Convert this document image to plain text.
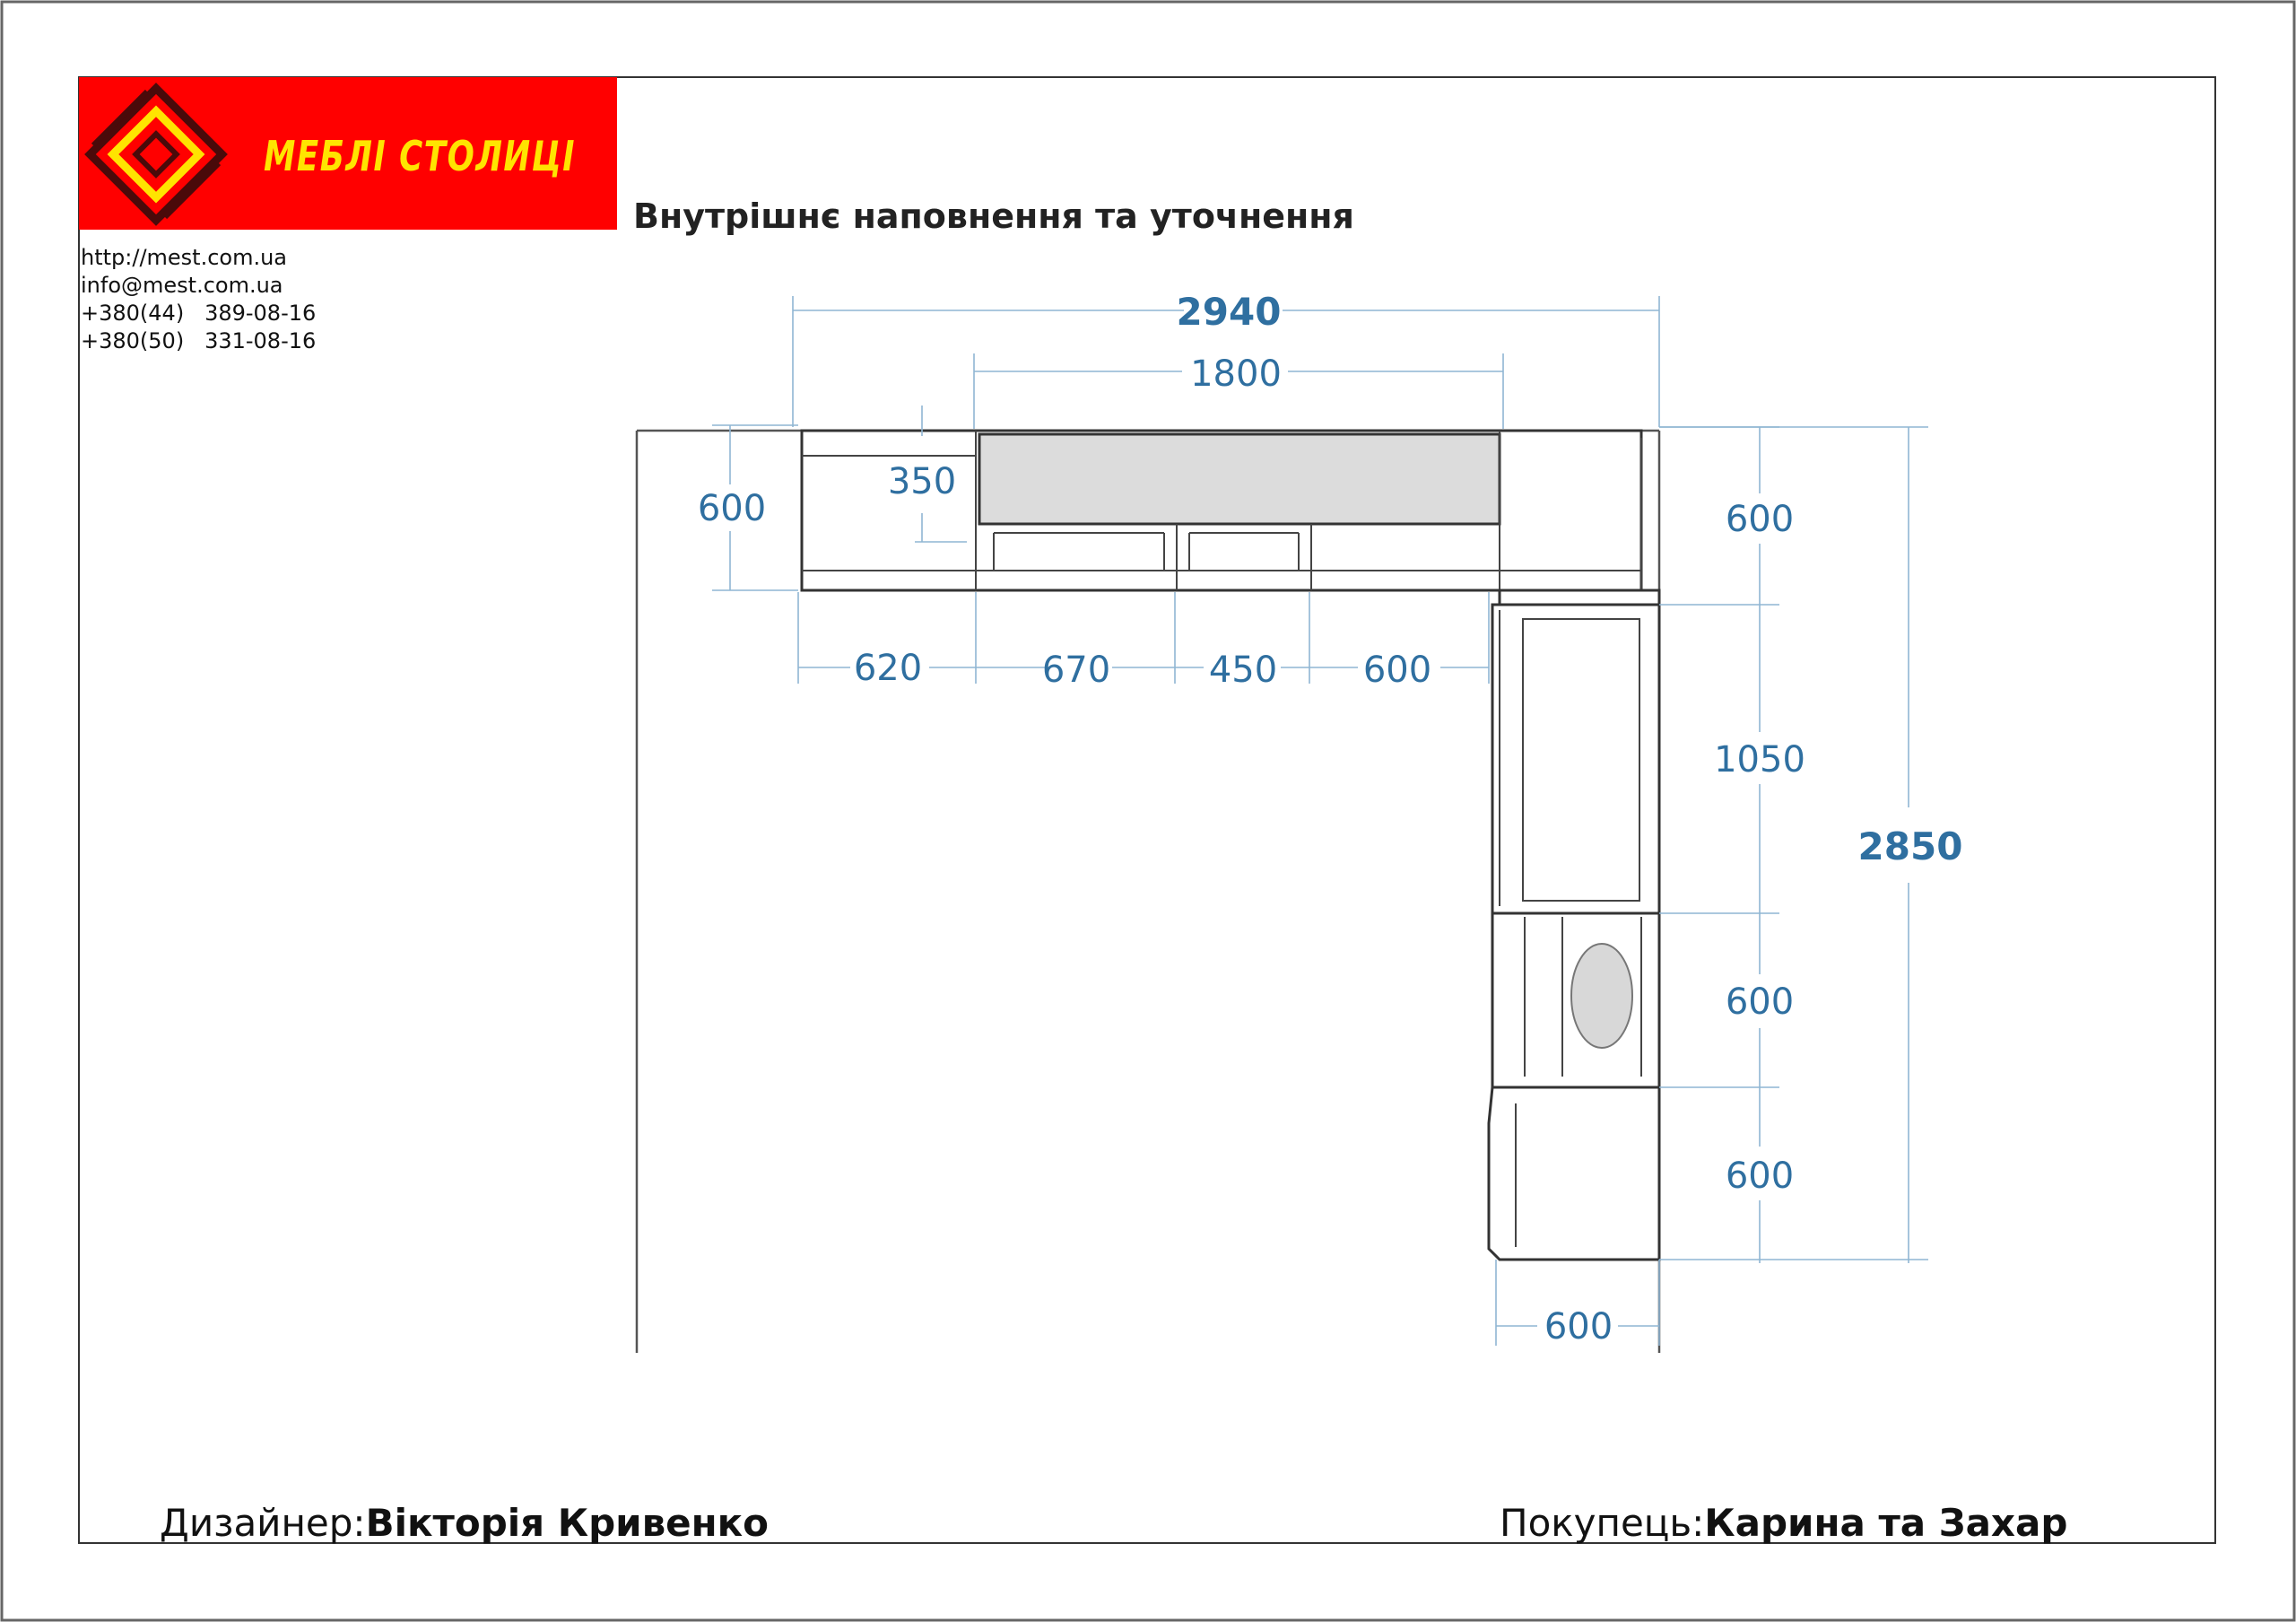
МЕБЛІ СТОЛИЦІ
http://mest.com.ua
info@mest.com.ua
+380(44)   389-08-16
+380(50)   331-08-16
Внутрішнє наповнення та уточнення
2940
1800
600
350
620	670	450 600
600
1050
600
600
2850
600
Дизайнер:Вікторія Кривенко	Покупець:Карина та Захар
